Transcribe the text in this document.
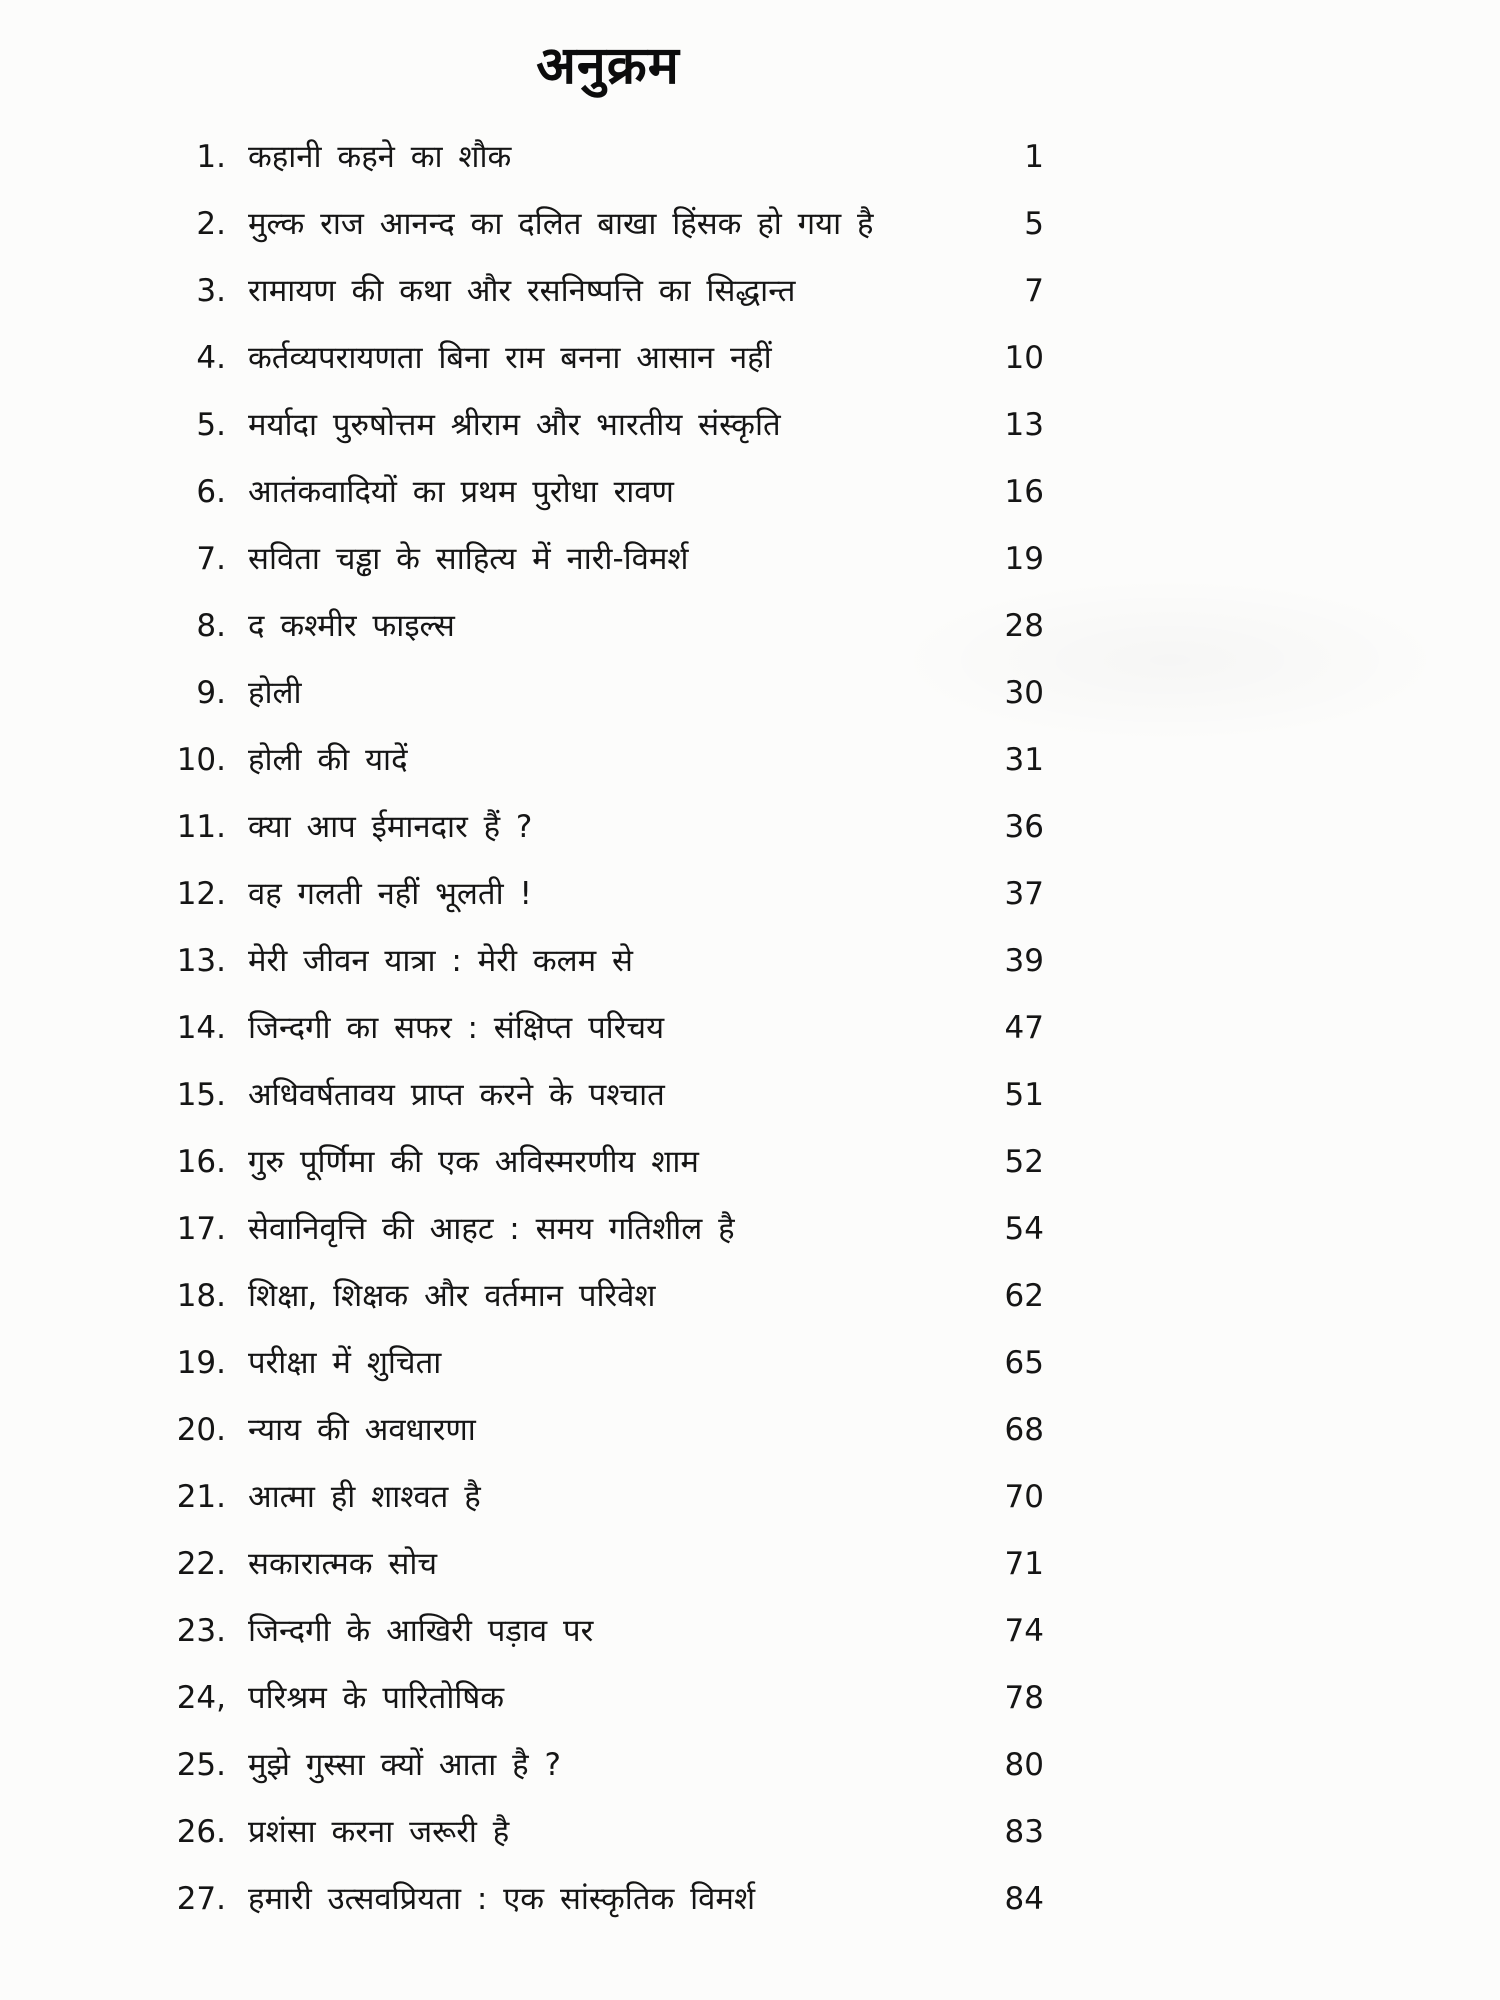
अनुक्रम
1. कहानी कहने का शौक	1
2. मुल्क राज आनन्द का दलित बाखा हिंसक हो गया है	5
3. रामायण की कथा और रसनिष्पत्ति का सिद्धान्त	7
4. कर्तव्यपरायणता बिना राम बनना आसान नहीं	10
5. मर्यादा पुरुषोत्तम श्रीराम और भारतीय संस्कृति	13
6. आतंकवादियों का प्रथम पुरोधा रावण	16
7. सविता चड्ढा के साहित्य में नारी-विमर्श	19
8. द कश्मीर फाइल्स	28
9. होली	30
10. होली की यादें	31
11. क्या आप ईमानदार हैं ?	36
12. वह गलती नहीं भूलती !	37
13. मेरी जीवन यात्रा : मेरी कलम से	39
14. जिन्दगी का सफर : संक्षिप्त परिचय	47
15. अधिवर्षतावय प्राप्त करने के पश्चात	51
16. गुरु पूर्णिमा की एक अविस्मरणीय शाम	52
17. सेवानिवृत्ति की आहट : समय गतिशील है	54
18. शिक्षा, शिक्षक और वर्तमान परिवेश	62
19. परीक्षा में शुचिता	65
20. न्याय की अवधारणा	68
21. आत्मा ही शाश्वत है	70
22. सकारात्मक सोच	71
23. जिन्दगी के आखिरी पड़ाव पर	74
24, परिश्रम के पारितोषिक	78
25. मुझे गुस्सा क्यों आता है ?	80
26. प्रशंसा करना जरूरी है	83
27. हमारी उत्सवप्रियता : एक सांस्कृतिक विमर्श	84
